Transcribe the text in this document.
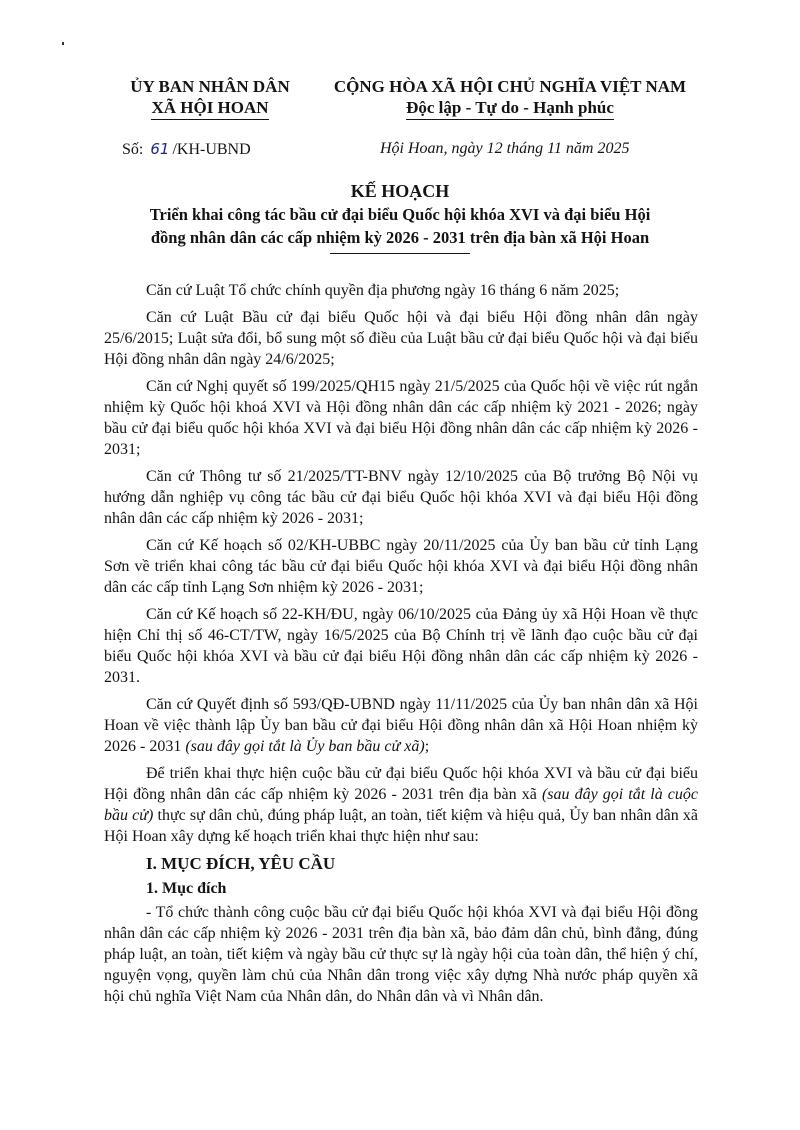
ỦY BAN NHÂN DÂN
XÃ HỘI HOAN
CỘNG HÒA XÃ HỘI CHỦ NGHĨA VIỆT NAM
Độc lập - Tự do - Hạnh phúc
Số: 61 /KH-UBND	Hội Hoan, ngày 12 tháng 11 năm 2025
KẾ HOẠCH
Triển khai công tác bầu cử đại biểu Quốc hội khóa XVI và đại biểu Hội
đồng nhân dân các cấp nhiệm kỳ 2026 - 2031 trên địa bàn xã Hội Hoan

Căn cứ Luật Tổ chức chính quyền địa phương ngày 16 tháng 6 năm 2025;

Căn cứ Luật Bầu cử đại biểu Quốc hội và đại biểu Hội đồng nhân dân ngày 25/6/2015; Luật sửa đổi, bổ sung một số điều của Luật bầu cử đại biểu Quốc hội và đại biểu Hội đồng nhân dân ngày 24/6/2025;

Căn cứ Nghị quyết số 199/2025/QH15 ngày 21/5/2025 của Quốc hội về việc rút ngắn nhiệm kỳ Quốc hội khoá XVI và Hội đồng nhân dân các cấp nhiệm kỳ 2021 - 2026; ngày bầu cử đại biểu quốc hội khóa XVI và đại biểu Hội đồng nhân dân các cấp nhiệm kỳ 2026 - 2031;

Căn cứ Thông tư số 21/2025/TT-BNV ngày 12/10/2025 của Bộ trưởng Bộ Nội vụ hướng dẫn nghiệp vụ công tác bầu cử đại biểu Quốc hội khóa XVI và đại biểu Hội đồng nhân dân các cấp nhiệm kỳ 2026 - 2031;

Căn cứ Kế hoạch số 02/KH-UBBC ngày 20/11/2025 của Ủy ban bầu cử tỉnh Lạng Sơn về triển khai công tác bầu cử đại biểu Quốc hội khóa XVI và đại biểu Hội đồng nhân dân các cấp tỉnh Lạng Sơn nhiệm kỳ 2026 - 2031;

Căn cứ Kế hoạch số 22-KH/ĐU, ngày 06/10/2025 của Đảng ủy xã Hội Hoan về thực hiện Chỉ thị số 46-CT/TW, ngày 16/5/2025 của Bộ Chính trị về lãnh đạo cuộc bầu cử đại biểu Quốc hội khóa XVI và bầu cử đại biểu Hội đồng nhân dân các cấp nhiệm kỳ 2026 - 2031.

Căn cứ Quyết định số 593/QĐ-UBND ngày 11/11/2025 của Ủy ban nhân dân xã Hội Hoan về việc thành lập Ủy ban bầu cử đại biểu Hội đồng nhân dân xã Hội Hoan nhiệm kỳ 2026 - 2031 (sau đây gọi tắt là Ủy ban bầu cử xã);

Để triển khai thực hiện cuộc bầu cử đại biểu Quốc hội khóa XVI và bầu cử đại biểu Hội đồng nhân dân các cấp nhiệm kỳ 2026 - 2031 trên địa bàn xã (sau đây gọi tắt là cuộc bầu cử) thực sự dân chủ, đúng pháp luật, an toàn, tiết kiệm và hiệu quả, Ủy ban nhân dân xã Hội Hoan xây dựng kế hoạch triển khai thực hiện như sau:

I. MỤC ĐÍCH, YÊU CẦU
1. Mục đích

- Tổ chức thành công cuộc bầu cử đại biểu Quốc hội khóa XVI và đại biểu Hội đồng nhân dân các cấp nhiệm kỳ 2026 - 2031 trên địa bàn xã, bảo đảm dân chủ, bình đẳng, đúng pháp luật, an toàn, tiết kiệm và ngày bầu cử thực sự là ngày hội của toàn dân, thể hiện ý chí, nguyện vọng, quyền làm chủ của Nhân dân trong việc xây dựng Nhà nước pháp quyền xã hội chủ nghĩa Việt Nam của Nhân dân, do Nhân dân và vì Nhân dân.
